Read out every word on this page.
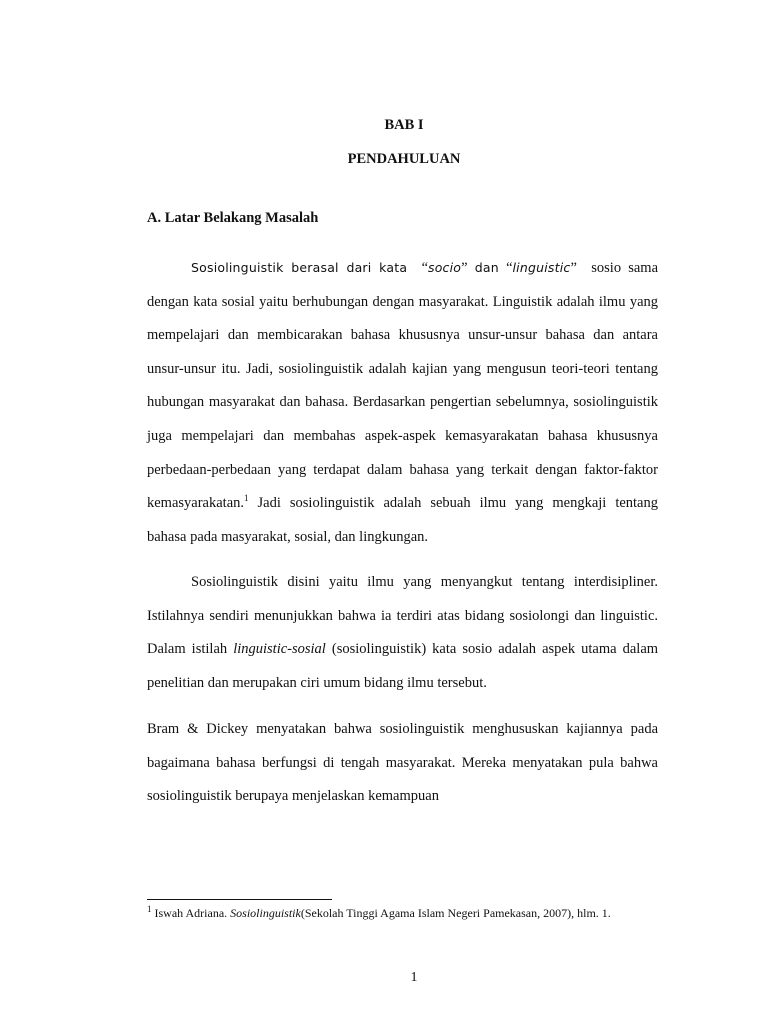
BAB I
PENDAHULUAN
A. Latar Belakang Masalah

Sosiolinguistik berasal dari kata “socio” dan “linguistic” sosio sama dengan kata sosial yaitu berhubungan dengan masyarakat. Linguistik adalah ilmu yang mempelajari dan membicarakan bahasa khususnya unsur-unsur bahasa dan antara unsur-unsur itu. Jadi, sosiolinguistik adalah kajian yang mengusun teori-teori tentang hubungan masyarakat dan bahasa. Berdasarkan pengertian sebelumnya, sosiolinguistik juga mempelajari dan membahas aspek-aspek kemasyarakatan bahasa khususnya perbedaan-perbedaan yang terdapat dalam bahasa yang terkait dengan faktor-faktor kemasyarakatan.$^1$ Jadi sosiolinguistik adalah sebuah ilmu yang mengkaji tentang bahasa pada masyarakat, sosial, dan lingkungan.

Sosiolinguistik disini yaitu ilmu yang menyangkut tentang interdisipliner. Istilahnya sendiri menunjukkan bahwa ia terdiri atas bidang sosiolongi dan linguistic. Dalam istilah linguistic-sosial (sosiolinguistik) kata sosio adalah aspek utama dalam penelitian dan merupakan ciri umum bidang ilmu tersebut.

Bram & Dickey menyatakan bahwa sosiolinguistik menghususkan kajiannya pada bagaimana bahasa berfungsi di tengah masyarakat. Mereka menyatakan pula bahwa sosiolinguistik berupaya menjelaskan kemampuan

$^1$ Iswah Adriana. Sosiolinguistik(Sekolah Tinggi Agama Islam Negeri Pamekasan, 2007), hlm. 1.
1
